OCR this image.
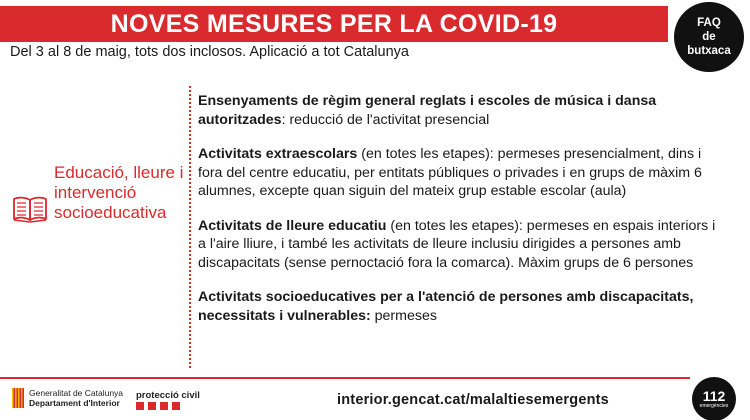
NOVES MESURES PER LA COVID-19	FAQ
de
butxaca
Del 3 al 8 de maig, tots dos inclosos. Aplicació a tot Catalunya
Educació, lleure i intervenció socioeducativa

Ensenyaments de règim general reglats i escoles de música i dansa autoritzades: reducció de l'activitat presencial

Activitats extraescolars (en totes les etapes): permeses presencialment, dins i fora del centre educatiu, per entitats públiques o privades i en grups de màxim 6 alumnes, excepte quan siguin del mateix grup estable escolar (aula)

Activitats de lleure educatiu (en totes les etapes): permeses en espais interiors i a l'aire lliure, i també les activitats de lleure inclusiu dirigides a persones amb discapacitats (sense pernoctació fora la comarca). Màxim grups de 6 persones

Activitats socioeducatives per a l'atenció de persones amb discapacitats, necessitats i vulnerables: permeses

Generalitat de Catalunya
Departament d'Interior
protecció civil	interior.gencat.cat/malaltiesemergents	112
emergències
